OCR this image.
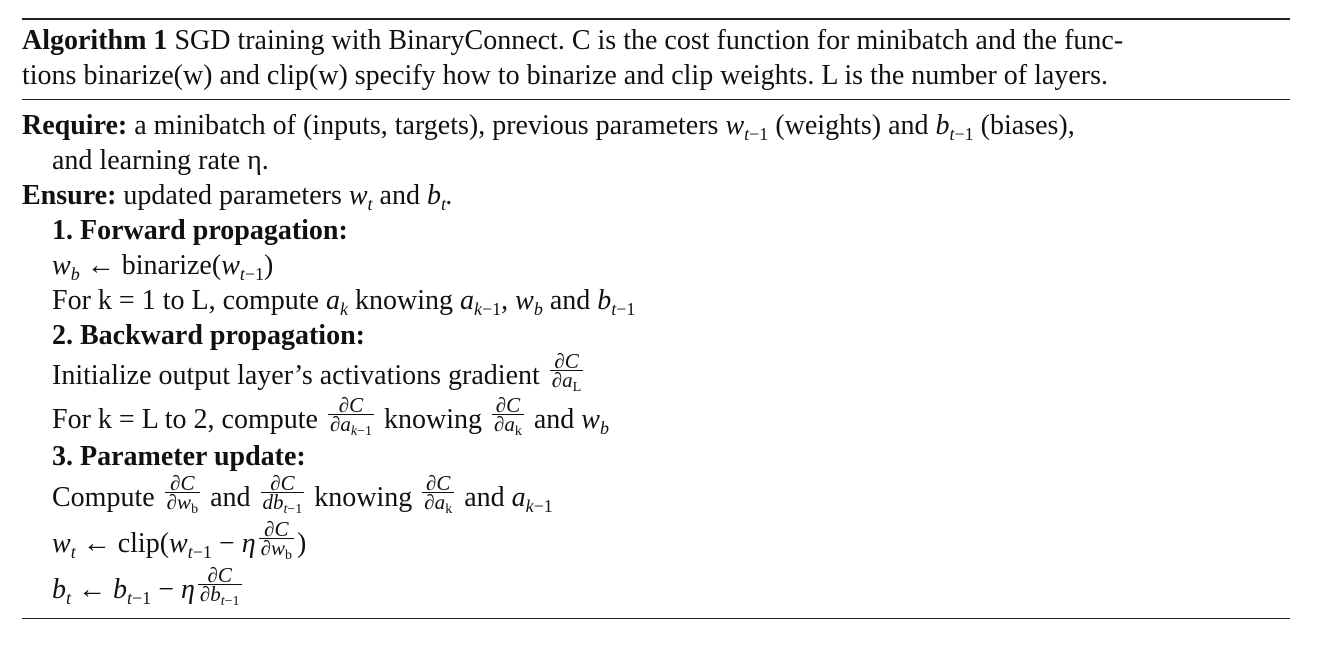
Algorithm 1 SGD training with BinaryConnect. C is the cost function for minibatch and the func-
tions binarize(w) and clip(w) specify how to binarize and clip weights. L is the number of layers.
Require: a minibatch of (inputs, targets), previous parameters $w_{t-1}$ (weights) and $b_{t-1}$ (biases),
and learning rate η.
Ensure: updated parameters $w_t$ and $b_t$.
1. Forward propagation:
$w_b$ ← $binarize(w_{t-1})$
For k = 1 to L, compute $a_k$ knowing $a_{k-1}$, $w_b$ and $b_{t-1}$
2. Backward propagation:
Initialize output layer’s activations gradient $\frac{\partial C}{\partial aL}$
For k = L to 2, compute $\frac{\partial C}{\partial ak-1}$ knowing $\frac{\partial C}{\partial ak}$ and $w_b$
3. Parameter update:
Compute $\frac{\partial C}{\partial wb}$ and $\frac{\partial C}{\text{dbt−1}}$ knowing $\frac{\partial C}{\partial ak}$ and $a_{k-1}$
$w_t$ ← $clip(w_{t-1} - \eta \frac{\partial C}{\partial wb}$ )
$b_t$ ← $b_{t-1} - \eta \frac{\partial C}{\partial bt-1}$
